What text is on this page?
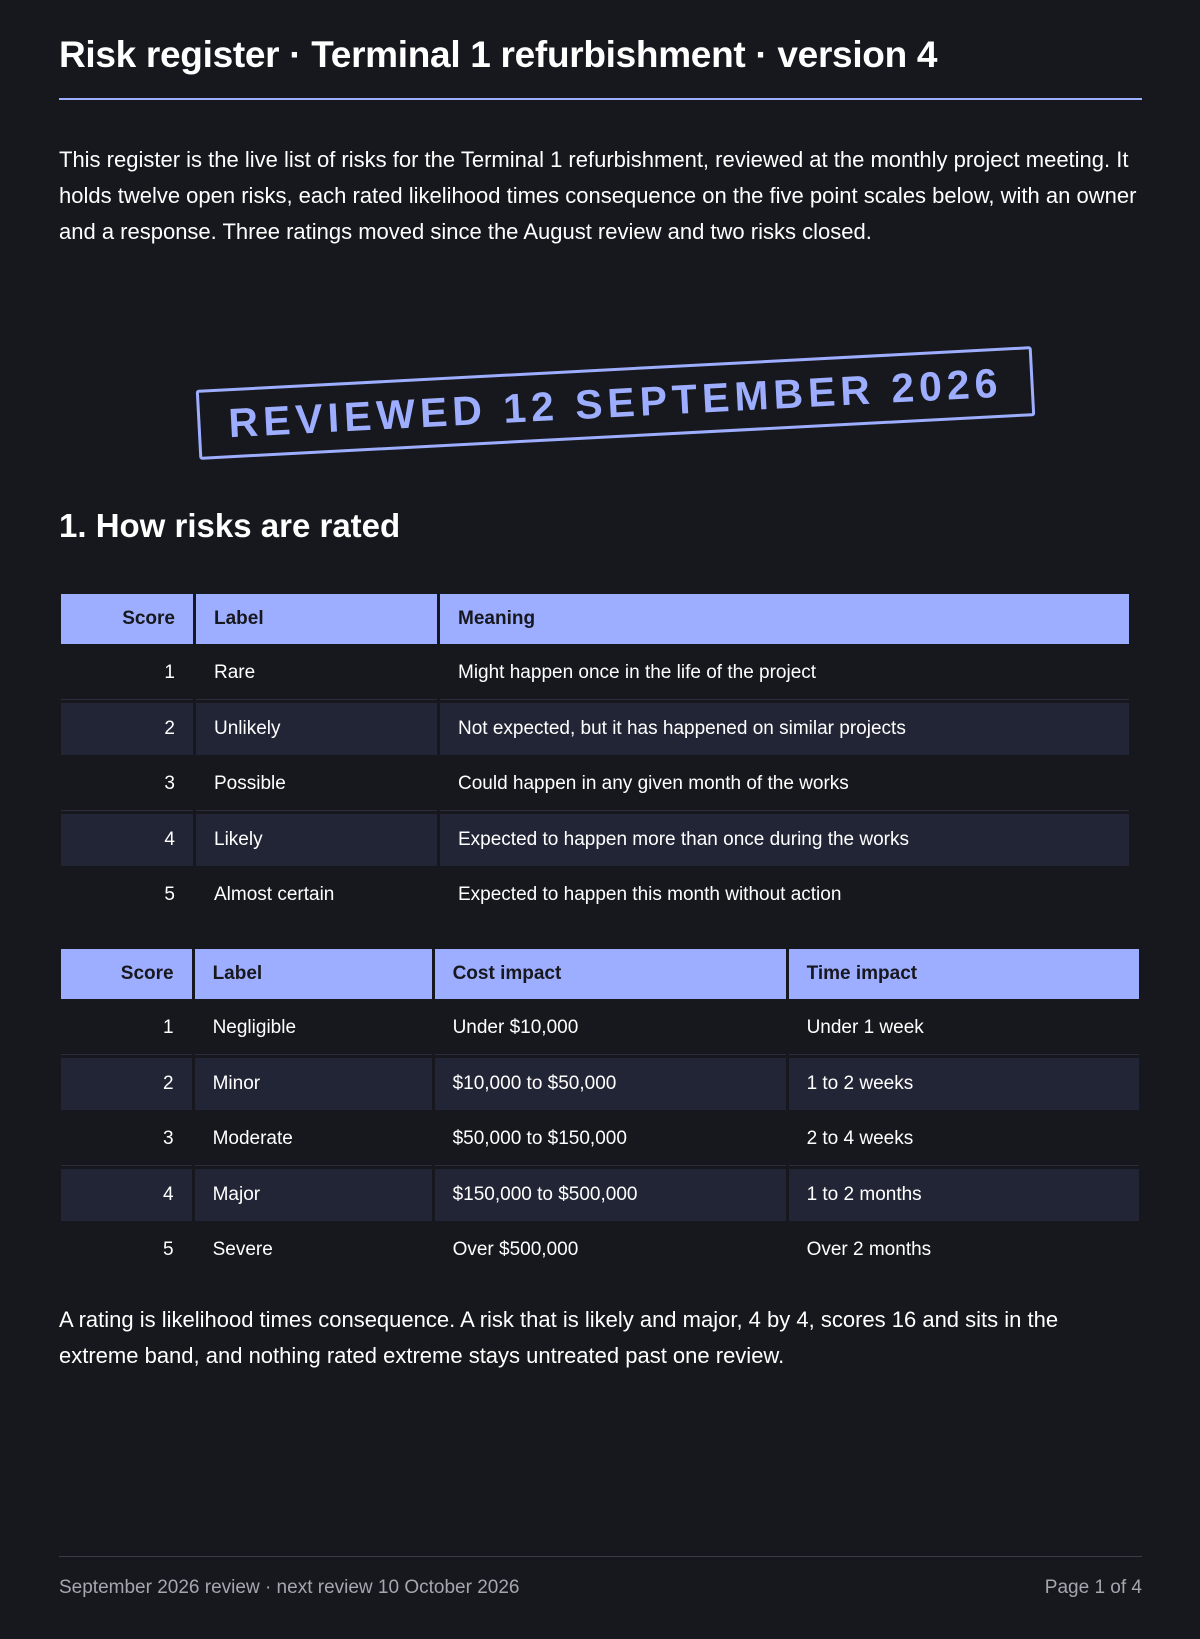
Risk register · Terminal 1 refurbishment · version 4

This register is the live list of risks for the Terminal 1 refurbishment, reviewed at the monthly project meeting. It holds twelve open risks, each rated likelihood times consequence on the five point scales below, with an owner and a response. Three ratings moved since the August review and two risks closed.

REVIEWED 12 SEPTEMBER 2026
1. How risks are rated
Score	Label	Meaning
1	Rare	Might happen once in the life of the project
2	Unlikely	Not expected, but it has happened on similar projects
3	Possible	Could happen in any given month of the works
4	Likely	Expected to happen more than once during the works
5	Almost certain	Expected to happen this month without action
Score	Label	Cost impact	Time impact
1	Negligible	Under $10,000	Under 1 week
2	Minor	$10,000 to $50,000	1 to 2 weeks
3	Moderate	$50,000 to $150,000	2 to 4 weeks
4	Major	$150,000 to $500,000	1 to 2 months
5	Severe	Over $500,000	Over 2 months

A rating is likelihood times consequence. A risk that is likely and major, 4 by 4, scores 16 and sits in the extreme band, and nothing rated extreme stays untreated past one review.

September 2026 review · next review 10 October 2026	Page 1 of 4
